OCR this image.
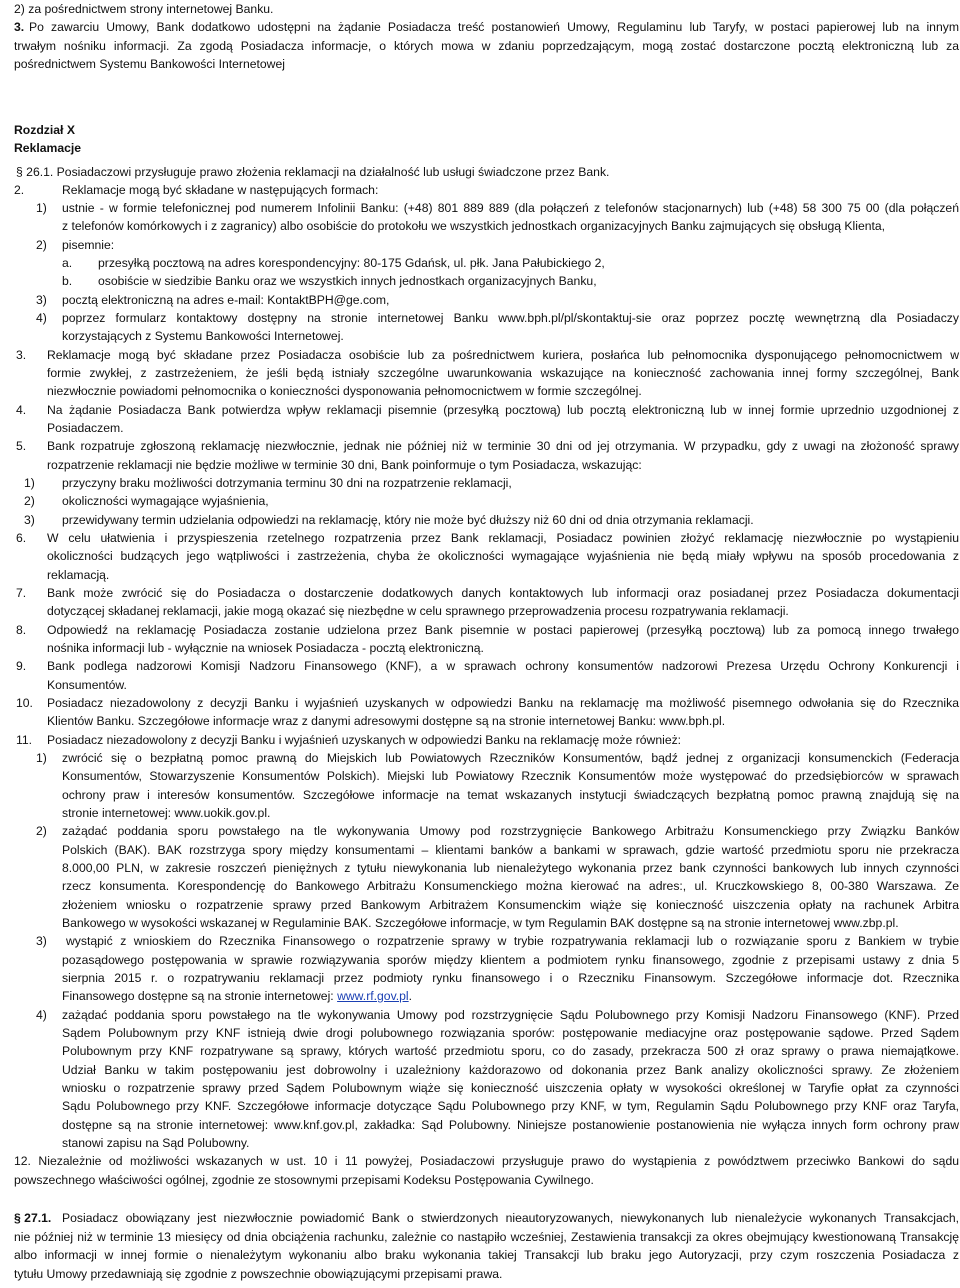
2) za pośrednictwem strony internetowej Banku.
3. Po zawarciu Umowy, Bank dodatkowo udostępni na żądanie Posiadacza treść postanowień Umowy, Regulaminu lub Taryfy, w postaci papierowej lub na innym
trwałym nośniku informacji. Za zgodą Posiadacza informacje, o których mowa w zdaniu poprzedzającym, mogą zostać dostarczone pocztą elektroniczną lub za
pośrednictwem Systemu Bankowości Internetowej
Rozdział X
Reklamacje
§ 26.1. Posiadaczowi przysługuje prawo złożenia reklamacji na działalność lub usługi świadczone przez Bank.
2.	Reklamacje mogą być składane w następujących formach:
1) ustnie - w formie telefonicznej pod numerem Infolinii Banku: (+48) 801 889 889 (dla połączeń z telefonów stacjonarnych) lub (+48) 58 300 75 00 (dla połączeń
z telefonów komórkowych i z zagranicy) albo osobiście do protokołu we wszystkich jednostkach organizacyjnych Banku zajmujących się obsługą Klienta,
2) pisemnie:
a. przesyłką pocztową na adres korespondencyjny: 80-175 Gdańsk, ul. płk. Jana Pałubickiego 2,
b. osobiście w siedzibie Banku oraz we wszystkich innych jednostkach organizacyjnych Banku,
3) pocztą elektroniczną na adres e-mail: KontaktBPH@ge.com,
4) poprzez formularz kontaktowy dostępny na stronie internetowej Banku www.bph.pl/pl/skontaktuj-sie oraz poprzez pocztę wewnętrzną dla Posiadaczy
korzystających z Systemu Bankowości Internetowej.
3. Reklamacje mogą być składane przez Posiadacza osobiście lub za pośrednictwem kuriera, posłańca lub pełnomocnika dysponującego pełnomocnictwem w
formie zwykłej, z zastrzeżeniem, że jeśli będą istniały szczególne uwarunkowania wskazujące na konieczność zachowania innej formy szczególnej, Bank
niezwłocznie powiadomi pełnomocnika o konieczności dysponowania pełnomocnictwem w formie szczególnej.
4. Na żądanie Posiadacza Bank potwierdza wpływ reklamacji pisemnie (przesyłką pocztową) lub pocztą elektroniczną lub w innej formie uprzednio uzgodnionej z
Posiadaczem.
5. Bank rozpatruje zgłoszoną reklamację niezwłocznie, jednak nie później niż w terminie 30 dni od jej otrzymania. W przypadku, gdy z uwagi na złożoność sprawy
rozpatrzenie reklamacji nie będzie możliwe w terminie 30 dni, Bank poinformuje o tym Posiadacza, wskazując:
1) przyczyny braku możliwości dotrzymania terminu 30 dni na rozpatrzenie reklamacji,
2) okoliczności wymagające wyjaśnienia,
3) przewidywany termin udzielania odpowiedzi na reklamację, który nie może być dłuższy niż 60 dni od dnia otrzymania reklamacji.
6. W celu ułatwienia i przyspieszenia rzetelnego rozpatrzenia przez Bank reklamacji, Posiadacz powinien złożyć reklamację niezwłocznie po wystąpieniu
okoliczności budzących jego wątpliwości i zastrzeżenia, chyba że okoliczności wymagające wyjaśnienia nie będą miały wpływu na sposób procedowania z
reklamacją.
7. Bank może zwrócić się do Posiadacza o dostarczenie dodatkowych danych kontaktowych lub informacji oraz posiadanej przez Posiadacza dokumentacji
dotyczącej składanej reklamacji, jakie mogą okazać się niezbędne w celu sprawnego przeprowadzenia procesu rozpatrywania reklamacji.
8. Odpowiedź na reklamację Posiadacza zostanie udzielona przez Bank pisemnie w postaci papierowej (przesyłką pocztową) lub za pomocą innego trwałego
nośnika informacji lub - wyłącznie na wniosek Posiadacza - pocztą elektroniczną.
9. Bank podlega nadzorowi Komisji Nadzoru Finansowego (KNF), a w sprawach ochrony konsumentów nadzorowi Prezesa Urzędu Ochrony Konkurencji i
Konsumentów.
10. Posiadacz niezadowolony z decyzji Banku i wyjaśnień uzyskanych w odpowiedzi Banku na reklamację ma możliwość pisemnego odwołania się do Rzecznika
Klientów Banku. Szczegółowe informacje wraz z danymi adresowymi dostępne są na stronie internetowej Banku: www.bph.pl.
11. Posiadacz niezadowolony z decyzji Banku i wyjaśnień uzyskanych w odpowiedzi Banku na reklamację może również:
1) zwrócić się o bezpłatną pomoc prawną do Miejskich lub Powiatowych Rzeczników Konsumentów, bądź jednej z organizacji konsumenckich (Federacja
Konsumentów, Stowarzyszenie Konsumentów Polskich). Miejski lub Powiatowy Rzecznik Konsumentów może występować do przedsiębiorców w sprawach
ochrony praw i interesów konsumentów. Szczegółowe informacje na temat wskazanych instytucji świadczących bezpłatną pomoc prawną znajdują się na
stronie internetowej: www.uokik.gov.pl.
2) zażądać poddania sporu powstałego na tle wykonywania Umowy pod rozstrzygnięcie Bankowego Arbitrażu Konsumenckiego przy Związku Banków
Polskich (BAK). BAK rozstrzyga spory między konsumentami – klientami banków a bankami w sprawach, gdzie wartość przedmiotu sporu nie przekracza
8.000,00 PLN, w zakresie roszczeń pieniężnych z tytułu niewykonania lub nienależytego wykonania przez bank czynności bankowych lub innych czynności
rzecz konsumenta. Korespondencję do Bankowego Arbitrażu Konsumenckiego można kierować na adres:, ul. Kruczkowskiego 8, 00-380 Warszawa. Ze
złożeniem wniosku o rozpatrzenie sprawy przed Bankowym Arbitrażem Konsumenckim wiąże się konieczność uiszczenia opłaty na rachunek Arbitra
Bankowego w wysokości wskazanej w Regulaminie BAK. Szczegółowe informacje, w tym Regulamin BAK dostępne są na stronie internetowej www.zbp.pl.
3) wystąpić z wnioskiem do Rzecznika Finansowego o rozpatrzenie sprawy w trybie rozpatrywania reklamacji lub o rozwiązanie sporu z Bankiem w trybie
pozasądowego postępowania w sprawie rozwiązywania sporów między klientem a podmiotem rynku finansowego, zgodnie z przepisami ustawy z dnia 5
sierpnia 2015 r. o rozpatrywaniu reklamacji przez podmioty rynku finansowego i o Rzeczniku Finansowym. Szczegółowe informacje dot. Rzecznika
Finansowego dostępne są na stronie internetowej: www.rf.gov.pl.
4) zażądać poddania sporu powstałego na tle wykonywania Umowy pod rozstrzygnięcie Sądu Polubownego przy Komisji Nadzoru Finansowego (KNF). Przed
Sądem Polubownym przy KNF istnieją dwie drogi polubownego rozwiązania sporów: postępowanie mediacyjne oraz postępowanie sądowe. Przed Sądem
Polubownym przy KNF rozpatrywane są sprawy, których wartość przedmiotu sporu, co do zasady, przekracza 500 zł oraz sprawy o prawa niemajątkowe.
Udział Banku w takim postępowaniu jest dobrowolny i uzależniony każdorazowo od dokonania przez Bank analizy okoliczności sprawy. Ze złożeniem
wniosku o rozpatrzenie sprawy przed Sądem Polubownym wiąże się konieczność uiszczenia opłaty w wysokości określonej w Taryfie opłat za czynności
Sądu Polubownego przy KNF. Szczegółowe informacje dotyczące Sądu Polubownego przy KNF, w tym, Regulamin Sądu Polubownego przy KNF oraz Taryfa,
dostępne są na stronie internetowej: www.knf.gov.pl, zakładka: Sąd Polubowny. Niniejsze postanowienie postanowienia nie wyłącza innych form ochrony praw
stanowi zapisu na Sąd Polubowny.
12. Niezależnie od możliwości wskazanych w ust. 10 i 11 powyżej, Posiadaczowi przysługuje prawo do wystąpienia z powództwem przeciwko Bankowi do sądu
powszechnego właściwości ogólnej, zgodnie ze stosownymi przepisami Kodeksu Postępowania Cywilnego.
§ 27.1. Posiadacz obowiązany jest niezwłocznie powiadomić Bank o stwierdzonych nieautoryzowanych, niewykonanych lub nienależycie wykonanych Transakcjach,
nie później niż w terminie 13 miesięcy od dnia obciążenia rachunku, zależnie co nastąpiło wcześniej, Zestawienia transakcji za okres obejmujący kwestionowaną Transakcję
albo informacji w innej formie o nienależytym wykonaniu albo braku wykonania takiej Transakcji lub braku jego Autoryzacji, przy czym roszczenia Posiadacza z
tytułu Umowy przedawniają się zgodnie z powszechnie obowiązującymi przepisami prawa.
